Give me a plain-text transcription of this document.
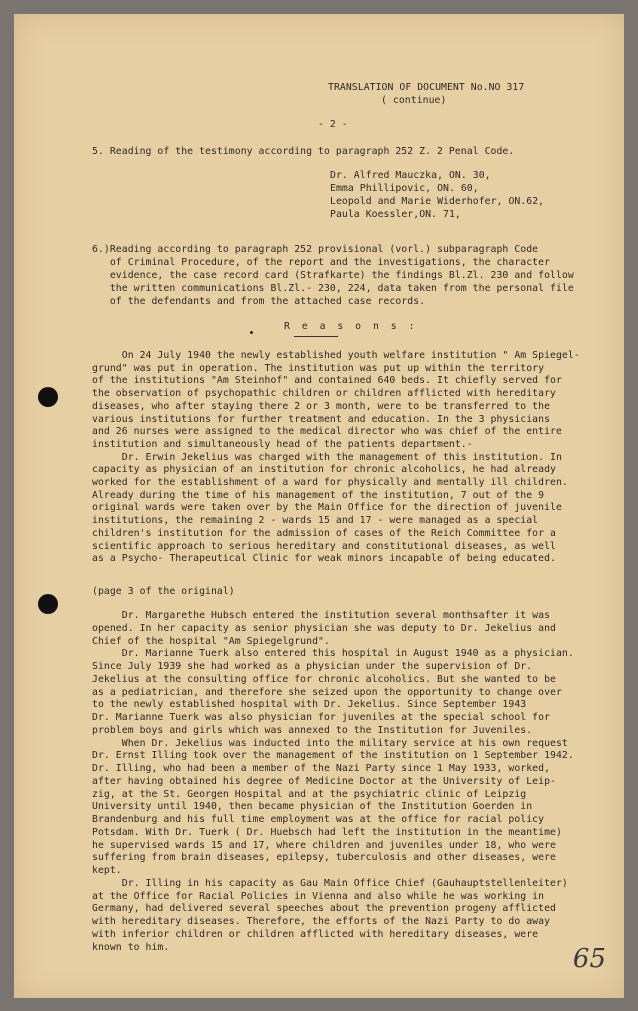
TRANSLATION OF DOCUMENT No.NO 317
( continue)
- 2 -
5. Reading of the testimony according to paragraph 252 Z. 2 Penal Code.
Dr. Alfred Mauczka, ON. 30,
Emma Phillipovic, ON. 60,
Leopold and Marie Widerhofer, ON.62,
Paula Koessler,ON. 71,
6.)Reading according to paragraph 252 provisional (vorl.) subparagraph Code
of Criminal Procedure, of the report and the investigations, the character
evidence, the case record card (Strafkarte) the findings Bl.Zl. 230 and follow
the written communications Bl.Zl.- 230, 224, data taken from the personal file
of the defendants and from the attached case records.
R e a s o n s :
On 24 July 1940 the newly established youth welfare institution " Am Spiegel-
grund" was put in operation. The institution was put up within the territory
of the institutions "Am Steinhof" and contained 640 beds. It chiefly served for
the observation of psychopathic children or children afflicted with hereditary
diseases, who after staying there 2 or 3 month, were to be transferred to the
various institutions for further treatment and education. In the 3 physicians
and 26 nurses were assigned to the medical director who was chief of the entire
institution and simultaneously head of the patients department.-
Dr. Erwin Jekelius was charged with the management of this institution. In
capacity as physician of an institution for chronic alcoholics, he had already
worked for the establishment of a ward for physically and mentally ill children.
Already during the time of his management of the institution, 7 out of the 9
original wards were taken over by the Main Office for the direction of juvenile
institutions, the remaining 2 - wards 15 and 17 - were managed as a special
children's institution for the admission of cases of the Reich Committee for a
scientific approach to serious hereditary and constitutional diseases, as well
as a Psycho- Therapeutical Clinic for weak minors incapable of being educated.
(page 3 of the original)
Dr. Margarethe Hubsch entered the institution several monthsafter it was
opened. In her capacity as senior physician she was deputy to Dr. Jekelius and
Chief of the hospital "Am Spiegelgrund".
Dr. Marianne Tuerk also entered this hospital in August 1940 as a physician.
Since July 1939 she had worked as a physician under the supervision of Dr.
Jekelius at the consulting office for chronic alcoholics. But she wanted to be
as a pediatrician, and therefore she seized upon the opportunity to change over
to the newly established hospital with Dr. Jekelius. Since September 1943
Dr. Marianne Tuerk was also physician for juveniles at the special school for
problem boys and girls which was annexed to the Institution for Juveniles.
When Dr. Jekelius was inducted into the military service at his own request
Dr. Ernst Illing took over the management of the institution on 1 September 1942.
Dr. Illing, who had been a member of the Nazi Party since 1 May 1933, worked,
after having obtained his degree of Medicine Doctor at the University of Leip-
zig, at the St. Georgen Hospital and at the psychiatric clinic of Leipzig
University until 1940, then became physician of the Institution Goerden in
Brandenburg and his full time employment was at the office for racial policy
Potsdam. With Dr. Tuerk ( Dr. Huebsch had left the institution in the meantime)
he supervised wards 15 and 17, where children and juveniles under 18, who were
suffering from brain diseases, epilepsy, tuberculosis and other diseases, were
kept.
Dr. Illing in his capacity as Gau Main Office Chief (Gauhauptstellenleiter)
at the Office for Racial Policies in Vienna and also while he was working in
Germany, had delivered several speeches about the prevention progeny afflicted
with hereditary diseases. Therefore, the efforts of the Nazi Party to do away
with inferior children or children afflicted with hereditary diseases, were
known to him.	65
